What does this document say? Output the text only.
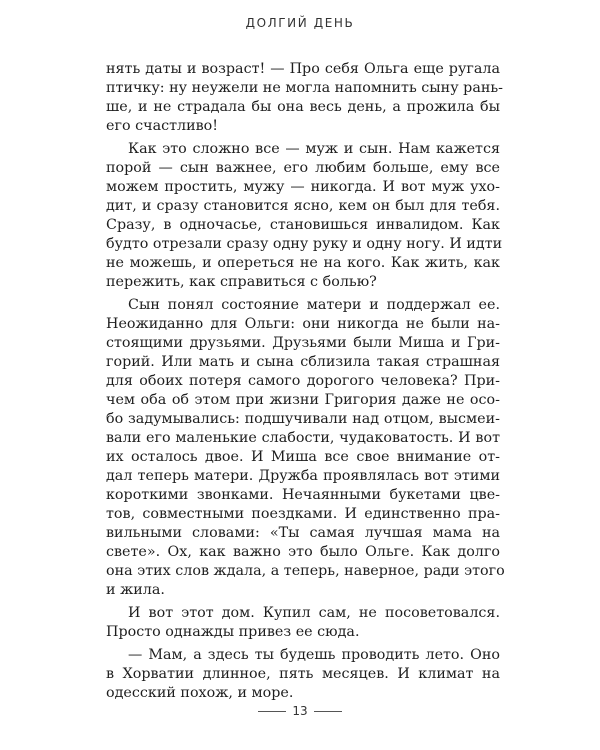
ДОЛГИЙ ДЕНЬ

нять даты и возраст! — Про себя Ольга еще ругала
птичку: ну неужели не могла напомнить сыну рань-
ше, и не страдала бы она весь день, а прожила бы
его счастливо!

Как это сложно все — муж и сын. Нам кажется
порой — сын важнее, его любим больше, ему все
можем простить, мужу — никогда. И вот муж ухо-
дит, и сразу становится ясно, кем он был для тебя.
Сразу, в одночасье, становишься инвалидом. Как
будто отрезали сразу одну руку и одну ногу. И идти
не можешь, и опереться не на кого. Как жить, как
пережить, как справиться с болью?

Сын понял состояние матери и поддержал ее.
Неожиданно для Ольги: они никогда не были на-
стоящими друзьями. Друзьями были Миша и Гри-
горий. Или мать и сына сблизила такая страшная
для обоих потеря самого дорогого человека? При-
чем оба об этом при жизни Григория даже не осо-
бо задумывались: подшучивали над отцом, высмеи-
вали его маленькие слабости, чудаковатость. И вот
их осталось двое. И Миша все свое внимание от-
дал теперь матери. Дружба проявлялась вот этими
короткими звонками. Нечаянными букетами цве-
тов, совместными поездками. И единственно пра-
вильными словами: «Ты самая лучшая мама на
свете». Ох, как важно это было Ольге. Как долго
она этих слов ждала, а теперь, наверное, ради этого
и жила.

И вот этот дом. Купил сам, не посоветовался.
Просто однажды привез ее сюда.

— Мам, а здесь ты будешь проводить лето. Оно
в Хорватии длинное, пять месяцев. И климат на
одесский похож, и море.

13
